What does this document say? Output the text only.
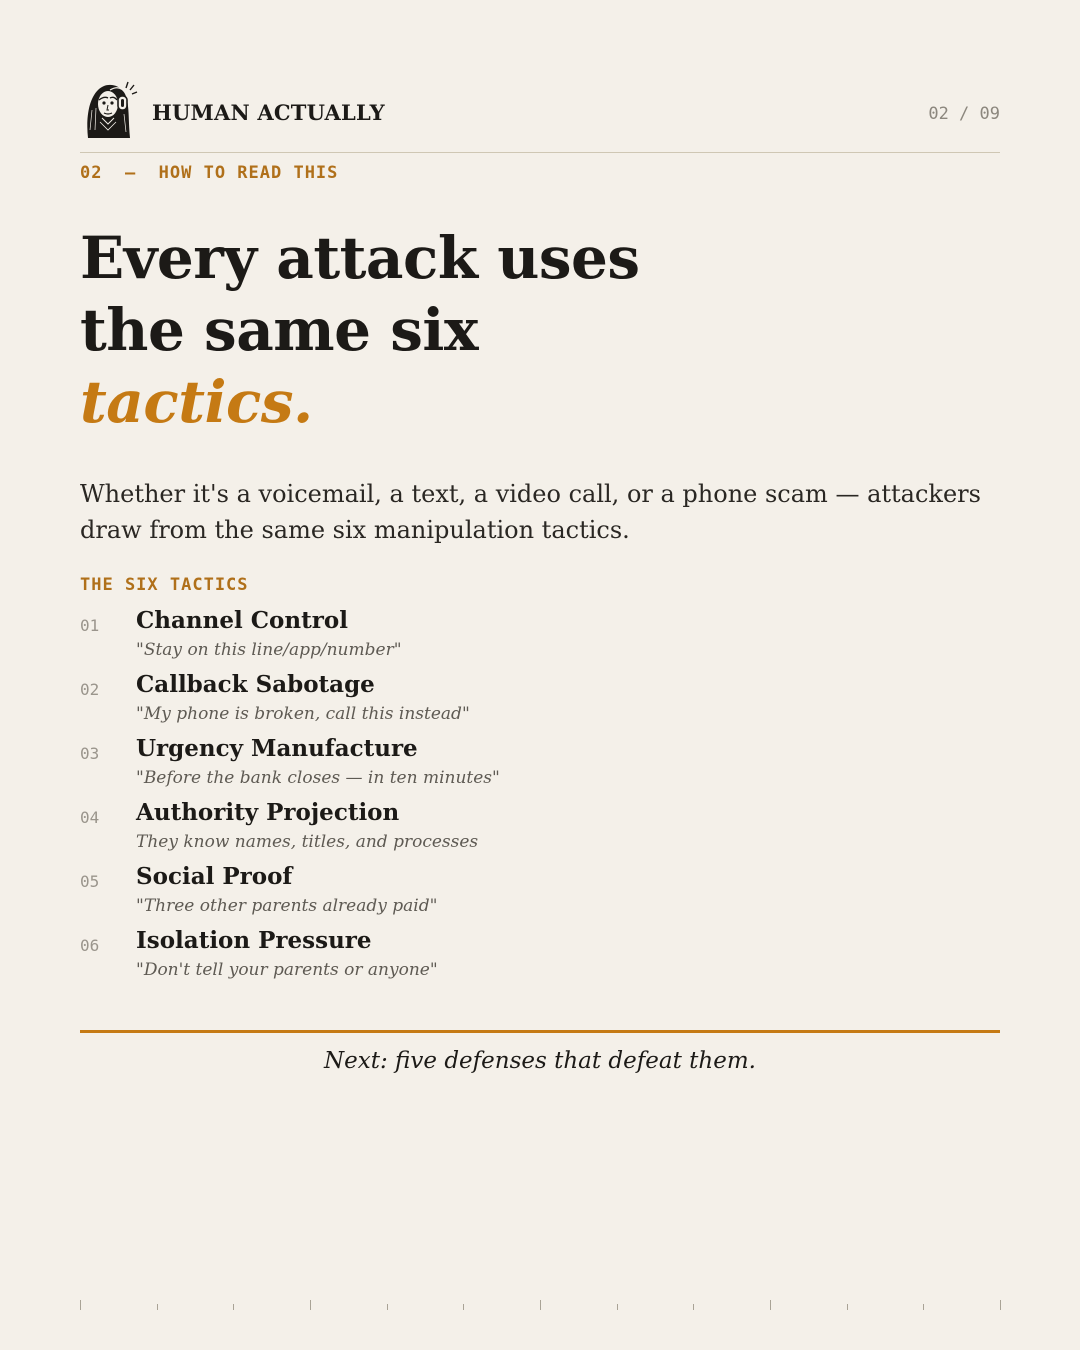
HUMAN ACTUALLY	02 / 09
02  —  HOW TO READ THIS
Every attack uses
the same six
tactics.

Whether it's a voicemail, a text, a video call, or a phone scam — attackers draw from the same six manipulation tactics.

THE SIX TACTICS
01 Channel Control
"Stay on this line/app/number"
02 Callback Sabotage
"My phone is broken, call this instead"
03 Urgency Manufacture
"Before the bank closes — in ten minutes"
04 Authority Projection
They know names, titles, and processes
05 Social Proof
"Three other parents already paid"
06 Isolation Pressure
"Don't tell your parents or anyone"
Next: five defenses that defeat them.
